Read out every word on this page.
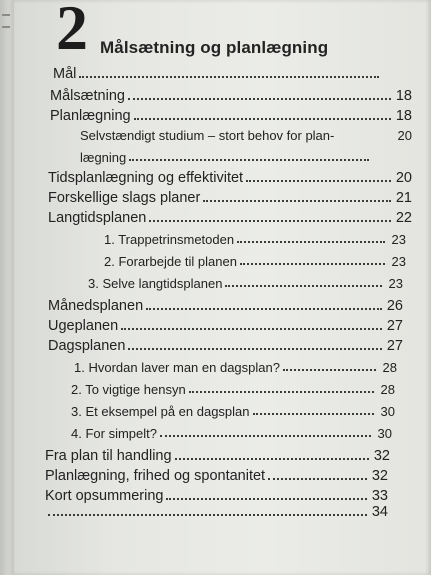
2 Målsætning og planlægning
Mål
Målsætning	18
Planlægning	18
Selvstændigt studium – stort behov for plan-	20
lægning
Tidsplanlægning og effektivitet	20
Forskellige slags planer	21
Langtidsplanen	22
1. Trappetrinsmetoden	23
2. Forarbejde til planen	23
3. Selve langtidsplanen	23
Månedsplanen	26
Ugeplanen	27
Dagsplanen	27
1. Hvordan laver man en dagsplan?	28
2. To vigtige hensyn	28
3. Et eksempel på en dagsplan	30
4. For simpelt?	30
Fra plan til handling	32
Planlægning, frihed og spontanitet	32
Kort opsummering	33
34
